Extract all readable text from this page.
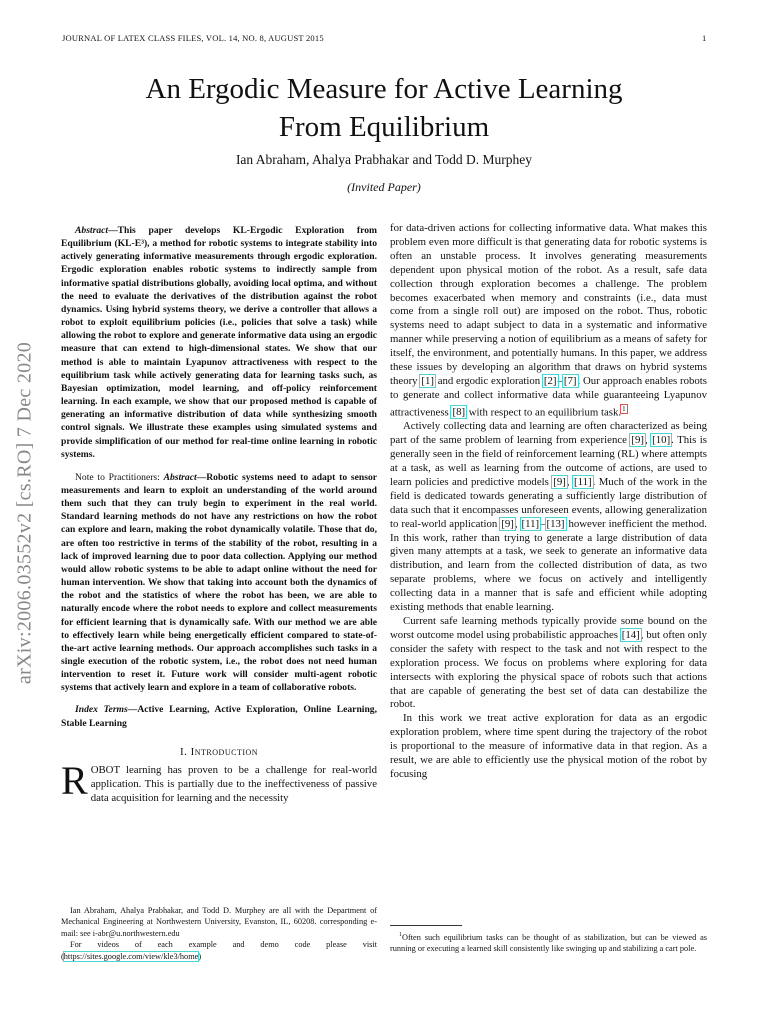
JOURNAL OF LATEX CLASS FILES, VOL. 14, NO. 8, AUGUST 2015	1
An Ergodic Measure for Active Learning
From Equilibrium
Ian Abraham, Ahalya Prabhakar and Todd D. Murphey
(Invited Paper)
arXiv:2006.03552v2 [cs.RO] 7 Dec 2020

Abstract—This paper develops KL-Ergodic Exploration from Equilibrium (KL-E³), a method for robotic systems to integrate stability into actively generating informative measurements through ergodic exploration. Ergodic exploration enables robotic systems to indirectly sample from informative spatial distributions globally, avoiding local optima, and without the need to evaluate the derivatives of the distribution against the robot dynamics. Using hybrid systems theory, we derive a controller that allows a robot to exploit equilibrium policies (i.e., policies that solve a task) while allowing the robot to explore and generate informative data using an ergodic measure that can extend to high-dimensional states. We show that our method is able to maintain Lyapunov attractiveness with respect to the equilibrium task while actively generating data for learning tasks such, as Bayesian optimization, model learning, and off-policy reinforcement learning. In each example, we show that our proposed method is capable of generating an informative distribution of data while synthesizing smooth control signals. We illustrate these examples using simulated systems and provide simplification of our method for real-time online learning in robotic systems.

Note to Practitioners: Abstract—Robotic systems need to adapt to sensor measurements and learn to exploit an understanding of the world around them such that they can truly begin to experiment in the real world. Standard learning methods do not have any restrictions on how the robot can explore and learn, making the robot dynamically volatile. Those that do, are often too restrictive in terms of the stability of the robot, resulting in a lack of improved learning due to poor data collection. Applying our method would allow robotic systems to be able to adapt online without the need for human intervention. We show that taking into account both the dynamics of the robot and the statistics of where the robot has been, we are able to naturally encode where the robot needs to explore and collect measurements for efficient learning that is dynamically safe. With our method we are able to effectively learn while being energetically efficient compared to state-of-the-art active learning methods. Our approach accomplishes such tasks in a single execution of the robotic system, i.e., the robot does not need human intervention to reset it. Future work will consider multi-agent robotic systems that actively learn and explore in a team of collaborative robots.

Index Terms—Active Learning, Active Exploration, Online Learning, Stable Learning

I. Introduction

ROBOT learning has proven to be a challenge for real-world application. This is partially due to the ineffectiveness of passive data acquisition for learning and the necessity

Ian Abraham, Ahalya Prabhakar, and Todd D. Murphey are all with the Department of Mechanical Engineering at Northwestern University, Evanston, IL, 60208. corresponding e-mail: see i-abr@u.northwestern.edu

For videos of each example and demo code please visit (https://sites.google.com/view/kle3/home)

for data-driven actions for collecting informative data. What makes this problem even more difficult is that generating data for robotic systems is often an unstable process. It involves generating measurements dependent upon physical motion of the robot. As a result, safe data collection through exploration becomes a challenge. The problem becomes exacerbated when memory and constraints (i.e., data must come from a single roll out) are imposed on the robot. Thus, robotic systems need to adapt subject to data in a systematic and informative manner while preserving a notion of equilibrium as a means of safety for itself, the environment, and potentially humans. In this paper, we address these issues by developing an algorithm that draws on hybrid systems theory [1] and ergodic exploration [2]–[7]. Our approach enables robots to generate and collect informative data while guaranteeing Lyapunov attractiveness [8] with respect to an equilibrium task.$^1$

Actively collecting data and learning are often characterized as being part of the same problem of learning from experience [9], [10]. This is generally seen in the field of reinforcement learning (RL) where attempts at a task, as well as learning from the outcome of actions, are used to learn policies and predictive models [9], [11]. Much of the work in the field is dedicated towards generating a sufficiently large distribution of data such that it encompasses unforeseen events, allowing generalization to real-world application [9], [11]–[13] however inefficient the method. In this work, rather than trying to generate a large distribution of data given many attempts at a task, we seek to generate an informative data distribution, and learn from the collected distribution of data, as two separate problems, where we focus on actively and intelligently collecting data in a manner that is safe and efficient while adopting existing methods that enable learning.

Current safe learning methods typically provide some bound on the worst outcome model using probabilistic approaches [14], but often only consider the safety with respect to the task and not with respect to the exploration process. We focus on problems where exploring for data intersects with exploring the physical space of robots such that actions that are capable of generating the best set of data can destabilize the robot.

In this work we treat active exploration for data as an ergodic exploration problem, where time spent during the trajectory of the robot is proportional to the measure of informative data in that region. As a result, we are able to efficiently use the physical motion of the robot by focusing

$^1$Often such equilibrium tasks can be thought of as stabilization, but can be viewed as running or executing a learned skill consistently like swinging up and stabilizing a cart pole.
